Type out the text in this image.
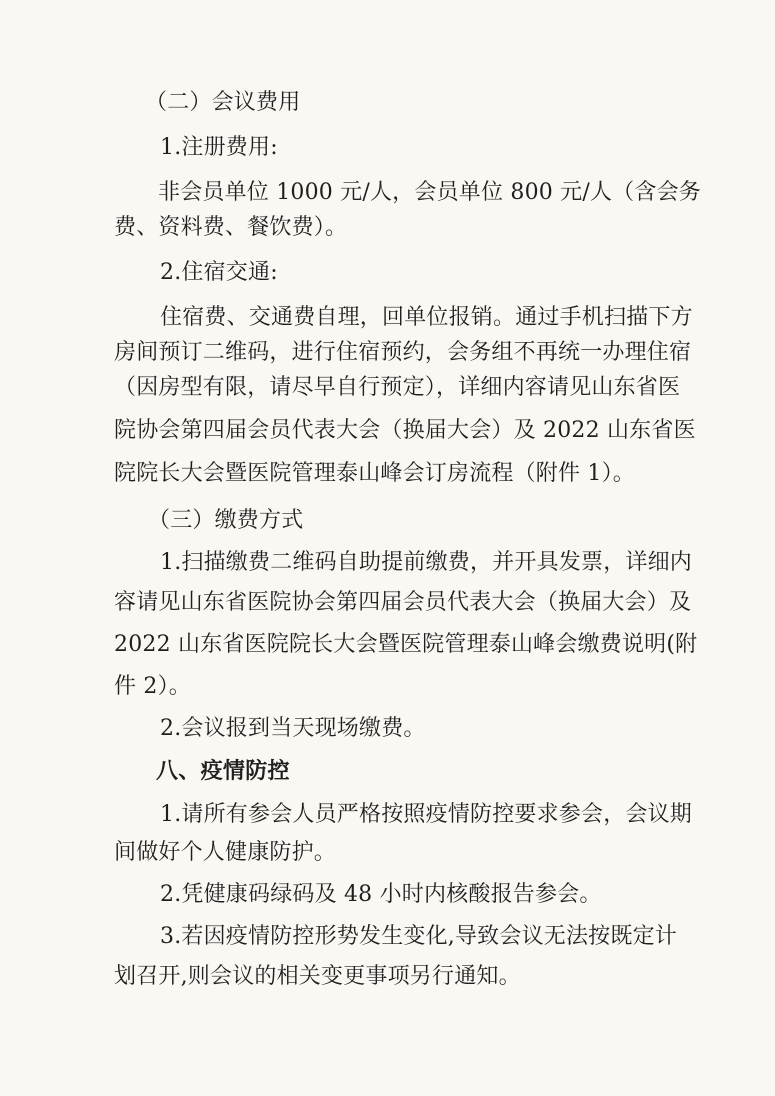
（二）会议费用
1.注册费用:
非会员单位 1000 元/人，会员单位 800 元/人（含会务
费、资料费、餐饮费）。
2.住宿交通:
住宿费、交通费自理，回单位报销。通过手机扫描下方
房间预订二维码，进行住宿预约，会务组不再统一办理住宿
（因房型有限，请尽早自行预定），详细内容请见山东省医
院协会第四届会员代表大会（换届大会）及 2022 山东省医
院院长大会暨医院管理泰山峰会订房流程（附件 1）。
（三）缴费方式
1.扫描缴费二维码自助提前缴费，并开具发票，详细内
容请见山东省医院协会第四届会员代表大会（换届大会）及
2022 山东省医院院长大会暨医院管理泰山峰会缴费说明(附
件 2）。
2.会议报到当天现场缴费。
八、疫情防控
1.请所有参会人员严格按照疫情防控要求参会，会议期
间做好个人健康防护。
2.凭健康码绿码及 48 小时内核酸报告参会。
3.若因疫情防控形势发生变化,导致会议无法按既定计
划召开,则会议的相关变更事项另行通知。
